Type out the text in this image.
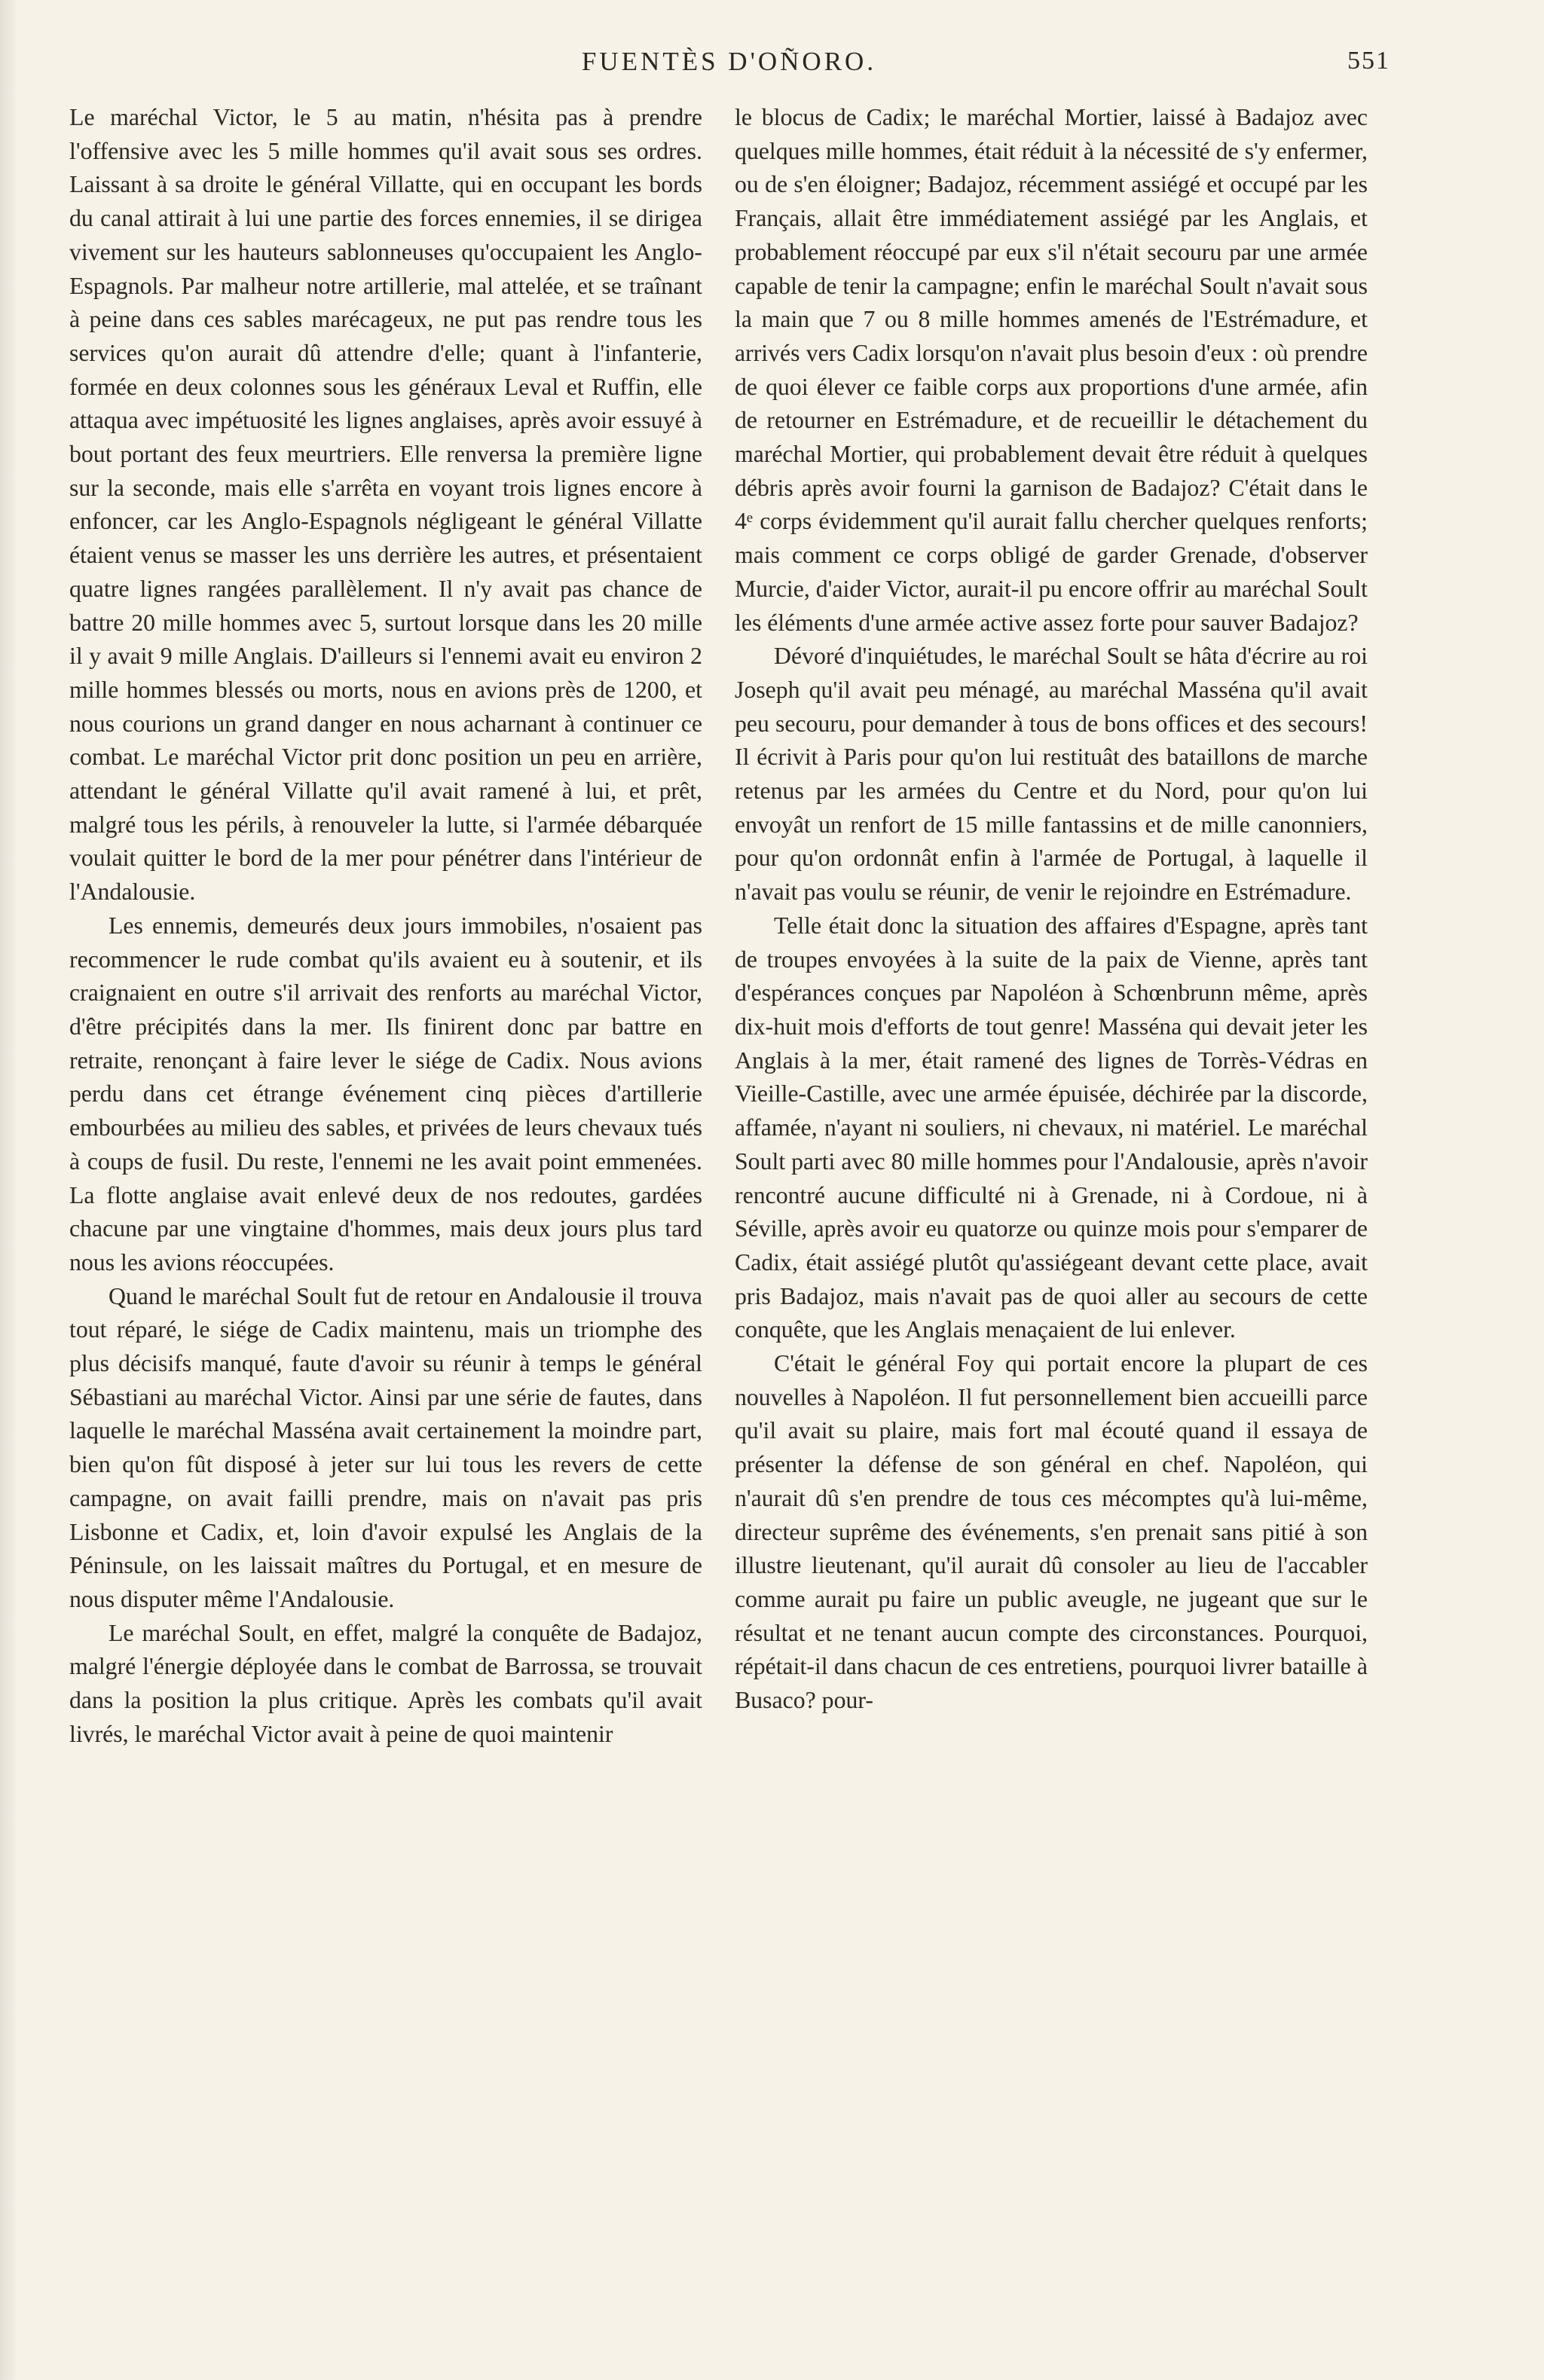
FUENTÈS D'OÑORO.	551

Le maréchal Victor, le 5 au matin, n'hésita pas à prendre l'offensive avec les 5 mille hommes qu'il avait sous ses ordres. Laissant à sa droite le général Villatte, qui en occupant les bords du canal attirait à lui une partie des forces ennemies, il se dirigea vivement sur les hauteurs sablonneuses qu'occupaient les Anglo-Espagnols. Par malheur notre artillerie, mal attelée, et se traînant à peine dans ces sables marécageux, ne put pas rendre tous les services qu'on aurait dû attendre d'elle; quant à l'infanterie, formée en deux colonnes sous les généraux Leval et Ruffin, elle attaqua avec impétuosité les lignes anglaises, après avoir essuyé à bout portant des feux meurtriers. Elle renversa la première ligne sur la seconde, mais elle s'arrêta en voyant trois lignes encore à enfoncer, car les Anglo-Espagnols négligeant le général Villatte étaient venus se masser les uns derrière les autres, et présentaient quatre lignes rangées parallèlement. Il n'y avait pas chance de battre 20 mille hommes avec 5, surtout lorsque dans les 20 mille il y avait 9 mille Anglais. D'ailleurs si l'ennemi avait eu environ 2 mille hommes blessés ou morts, nous en avions près de 1200, et nous courions un grand danger en nous acharnant à continuer ce combat. Le maréchal Victor prit donc position un peu en arrière, attendant le général Villatte qu'il avait ramené à lui, et prêt, malgré tous les périls, à renouveler la lutte, si l'armée débarquée voulait quitter le bord de la mer pour pénétrer dans l'intérieur de l'Andalousie.

Les ennemis, demeurés deux jours immobiles, n'osaient pas recommencer le rude combat qu'ils avaient eu à soutenir, et ils craignaient en outre s'il arrivait des renforts au maréchal Victor, d'être précipités dans la mer. Ils finirent donc par battre en retraite, renonçant à faire lever le siége de Cadix. Nous avions perdu dans cet étrange événement cinq pièces d'artillerie embourbées au milieu des sables, et privées de leurs chevaux tués à coups de fusil. Du reste, l'ennemi ne les avait point emmenées. La flotte anglaise avait enlevé deux de nos redoutes, gardées chacune par une vingtaine d'hommes, mais deux jours plus tard nous les avions réoccupées.

Quand le maréchal Soult fut de retour en Andalousie il trouva tout réparé, le siége de Cadix maintenu, mais un triomphe des plus décisifs manqué, faute d'avoir su réunir à temps le général Sébastiani au maréchal Victor. Ainsi par une série de fautes, dans laquelle le maréchal Masséna avait certainement la moindre part, bien qu'on fût disposé à jeter sur lui tous les revers de cette campagne, on avait failli prendre, mais on n'avait pas pris Lisbonne et Cadix, et, loin d'avoir expulsé les Anglais de la Péninsule, on les laissait maîtres du Portugal, et en mesure de nous disputer même l'Andalousie.

Le maréchal Soult, en effet, malgré la conquête de Badajoz, malgré l'énergie déployée dans le combat de Barrossa, se trouvait dans la position la plus critique. Après les combats qu'il avait livrés, le maréchal Victor avait à peine de quoi maintenir

le blocus de Cadix; le maréchal Mortier, laissé à Badajoz avec quelques mille hommes, était réduit à la nécessité de s'y enfermer, ou de s'en éloigner; Badajoz, récemment assiégé et occupé par les Français, allait être immédiatement assiégé par les Anglais, et probablement réoccupé par eux s'il n'était secouru par une armée capable de tenir la campagne; enfin le maréchal Soult n'avait sous la main que 7 ou 8 mille hommes amenés de l'Estrémadure, et arrivés vers Cadix lorsqu'on n'avait plus besoin d'eux : où prendre de quoi élever ce faible corps aux proportions d'une armée, afin de retourner en Estrémadure, et de recueillir le détachement du maréchal Mortier, qui probablement devait être réduit à quelques débris après avoir fourni la garnison de Badajoz? C'était dans le 4ᵉ corps évidemment qu'il aurait fallu chercher quelques renforts; mais comment ce corps obligé de garder Grenade, d'observer Murcie, d'aider Victor, aurait-il pu encore offrir au maréchal Soult les éléments d'une armée active assez forte pour sauver Badajoz?

Dévoré d'inquiétudes, le maréchal Soult se hâta d'écrire au roi Joseph qu'il avait peu ménagé, au maréchal Masséna qu'il avait peu secouru, pour demander à tous de bons offices et des secours! Il écrivit à Paris pour qu'on lui restituât des bataillons de marche retenus par les armées du Centre et du Nord, pour qu'on lui envoyât un renfort de 15 mille fantassins et de mille canonniers, pour qu'on ordonnât enfin à l'armée de Portugal, à laquelle il n'avait pas voulu se réunir, de venir le rejoindre en Estrémadure.

Telle était donc la situation des affaires d'Espagne, après tant de troupes envoyées à la suite de la paix de Vienne, après tant d'espérances conçues par Napoléon à Schœnbrunn même, après dix-huit mois d'efforts de tout genre! Masséna qui devait jeter les Anglais à la mer, était ramené des lignes de Torrès-Védras en Vieille-Castille, avec une armée épuisée, déchirée par la discorde, affamée, n'ayant ni souliers, ni chevaux, ni matériel. Le maréchal Soult parti avec 80 mille hommes pour l'Andalousie, après n'avoir rencontré aucune difficulté ni à Grenade, ni à Cordoue, ni à Séville, après avoir eu quatorze ou quinze mois pour s'emparer de Cadix, était assiégé plutôt qu'assiégeant devant cette place, avait pris Badajoz, mais n'avait pas de quoi aller au secours de cette conquête, que les Anglais menaçaient de lui enlever.

C'était le général Foy qui portait encore la plupart de ces nouvelles à Napoléon. Il fut personnellement bien accueilli parce qu'il avait su plaire, mais fort mal écouté quand il essaya de présenter la défense de son général en chef. Napoléon, qui n'aurait dû s'en prendre de tous ces mécomptes qu'à lui-même, directeur suprême des événements, s'en prenait sans pitié à son illustre lieutenant, qu'il aurait dû consoler au lieu de l'accabler comme aurait pu faire un public aveugle, ne jugeant que sur le résultat et ne tenant aucun compte des circonstances. Pourquoi, répétait-il dans chacun de ces entretiens, pourquoi livrer bataille à Busaco? pour-
